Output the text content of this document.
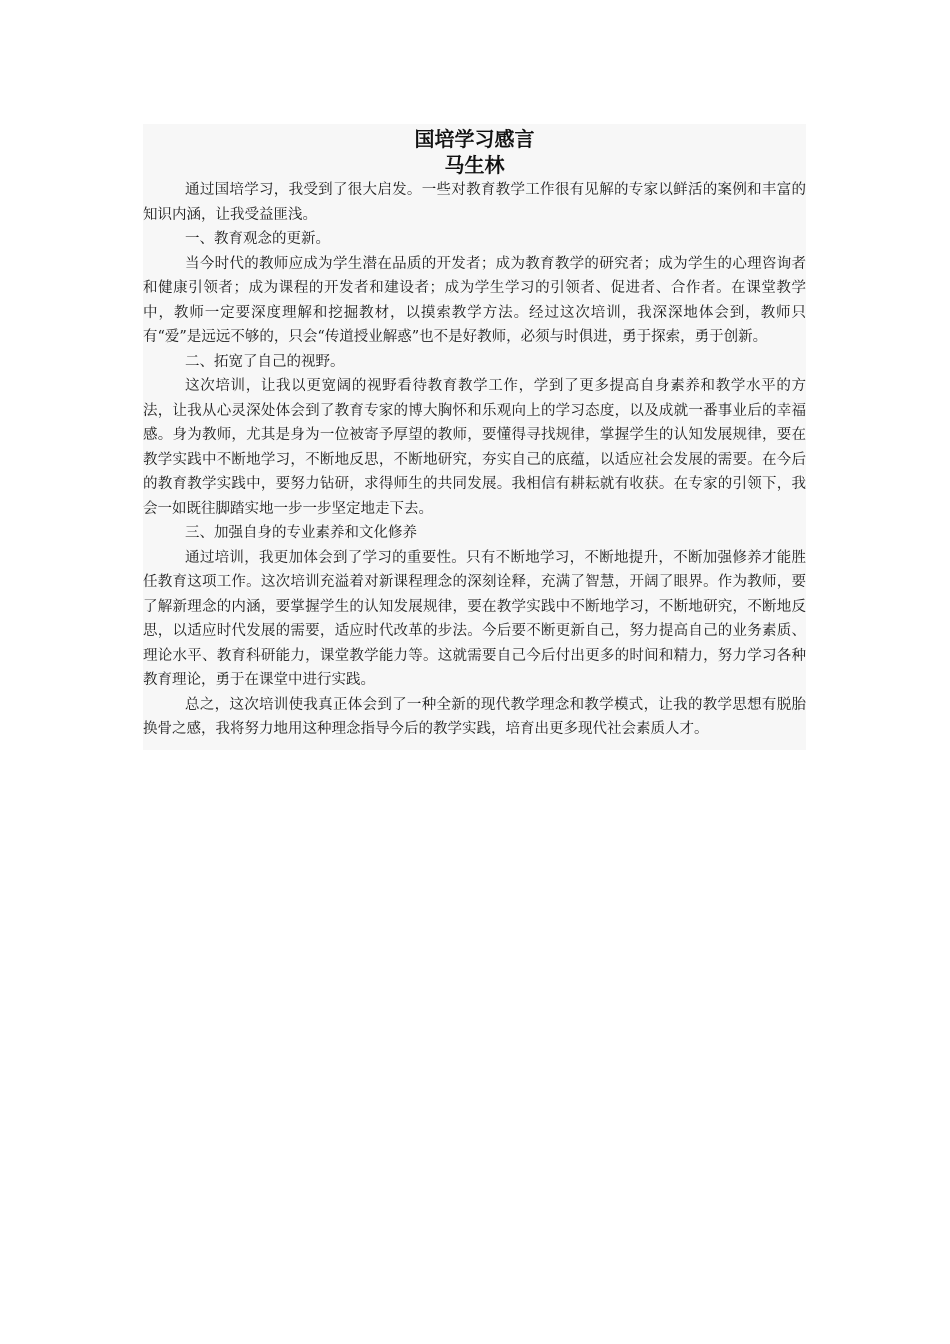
国培学习感言
马生林

通过国培学习，我受到了很大启发。一些对教育教学工作很有见解的专家以鲜活的案例和丰富的知识内涵，让我受益匪浅。

一、教育观念的更新。

当今时代的教师应成为学生潜在品质的开发者；成为教育教学的研究者；成为学生的心理咨询者和健康引领者；成为课程的开发者和建设者；成为学生学习的引领者、促进者、合作者。在课堂教学中，教师一定要深度理解和挖掘教材，以摸索教学方法。经过这次培训，我深深地体会到，教师只有“爱”是远远不够的，只会“传道授业解惑”也不是好教师，必须与时俱进，勇于探索，勇于创新。

二、拓宽了自己的视野。

这次培训，让我以更宽阔的视野看待教育教学工作，学到了更多提高自身素养和教学水平的方法，让我从心灵深处体会到了教育专家的博大胸怀和乐观向上的学习态度，以及成就一番事业后的幸福感。身为教师，尤其是身为一位被寄予厚望的教师，要懂得寻找规律，掌握学生的认知发展规律，要在教学实践中不断地学习，不断地反思，不断地研究，夯实自己的底蕴，以适应社会发展的需要。在今后的教育教学实践中，要努力钻研，求得师生的共同发展。我相信有耕耘就有收获。在专家的引领下，我会一如既往脚踏实地一步一步坚定地走下去。

三、加强自身的专业素养和文化修养

通过培训，我更加体会到了学习的重要性。只有不断地学习，不断地提升，不断加强修养才能胜任教育这项工作。这次培训充溢着对新课程理念的深刻诠释，充满了智慧，开阔了眼界。作为教师，要了解新理念的内涵，要掌握学生的认知发展规律，要在教学实践中不断地学习，不断地研究，不断地反思，以适应时代发展的需要，适应时代改革的步法。今后要不断更新自己，努力提高自己的业务素质、理论水平、教育科研能力，课堂教学能力等。这就需要自己今后付出更多的时间和精力，努力学习各种教育理论，勇于在课堂中进行实践。

总之，这次培训使我真正体会到了一种全新的现代教学理念和教学模式，让我的教学思想有脱胎换骨之感，我将努力地用这种理念指导今后的教学实践，培育出更多现代社会素质人才。
